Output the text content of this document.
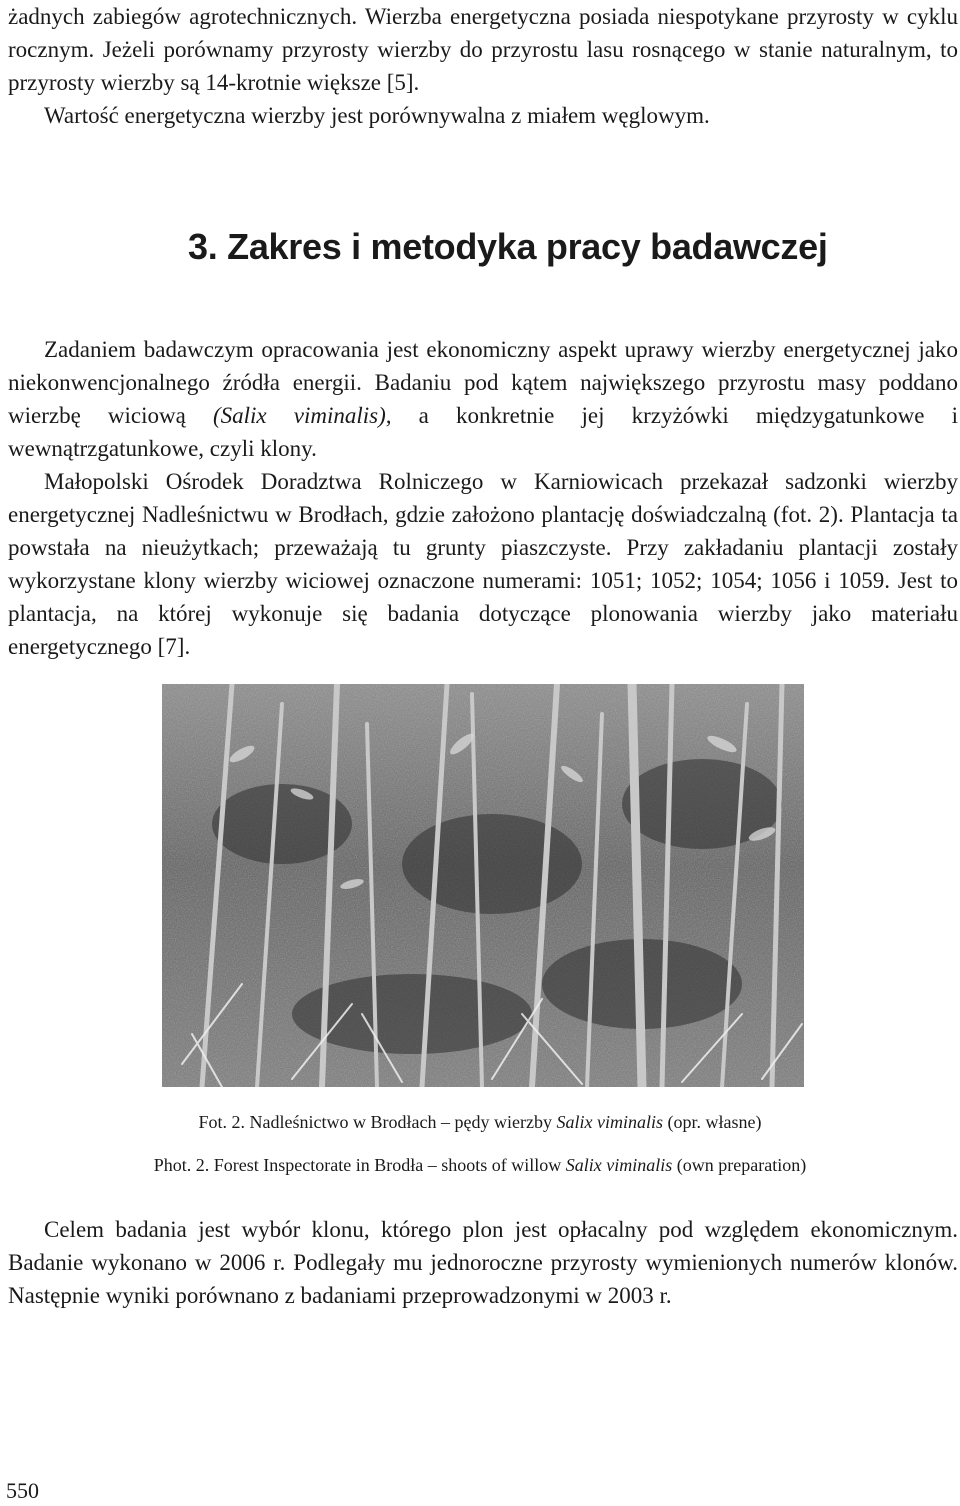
żadnych zabiegów agrotechnicznych. Wierzba energetyczna posiada niespotykane przyrosty w cyklu rocznym. Jeżeli porównamy przyrosty wierzby do przyrostu lasu rosnącego w stanie naturalnym, to przyrosty wierzby są 14-krotnie większe [5].

Wartość energetyczna wierzby jest porównywalna z miałem węglowym.

3. Zakres i metodyka pracy badawczej

Zadaniem badawczym opracowania jest ekonomiczny aspekt uprawy wierzby energetycznej jako niekonwencjonalnego źródła energii. Badaniu pod kątem największego przyrostu masy poddano wierzbę wiciową (Salix viminalis), a konkretnie jej krzyżówki międzygatunkowe i wewnątrzgatunkowe, czyli klony.

Małopolski Ośrodek Doradztwa Rolniczego w Karniowicach przekazał sadzonki wierzby energetycznej Nadleśnictwu w Brodłach, gdzie założono plantację doświadczalną (fot. 2). Plantacja ta powstała na nieużytkach; przeważają tu grunty piaszczyste. Przy zakładaniu plantacji zostały wykorzystane klony wierzby wiciowej oznaczone numerami: 1051; 1052; 1054; 1056 i 1059. Jest to plantacja, na której wykonuje się badania dotyczące plonowania wierzby jako materiału energetycznego [7].

Fot. 2. Nadleśnictwo w Brodłach – pędy wierzby Salix viminalis (opr. własne)

Phot. 2. Forest Inspectorate in Brodła – shoots of willow Salix viminalis (own preparation)

Celem badania jest wybór klonu, którego plon jest opłacalny pod względem ekonomicznym. Badanie wykonano w 2006 r. Podlegały mu jednoroczne przyrosty wymienionych numerów klonów. Następnie wyniki porównano z badaniami przeprowadzonymi w 2003 r.

550
